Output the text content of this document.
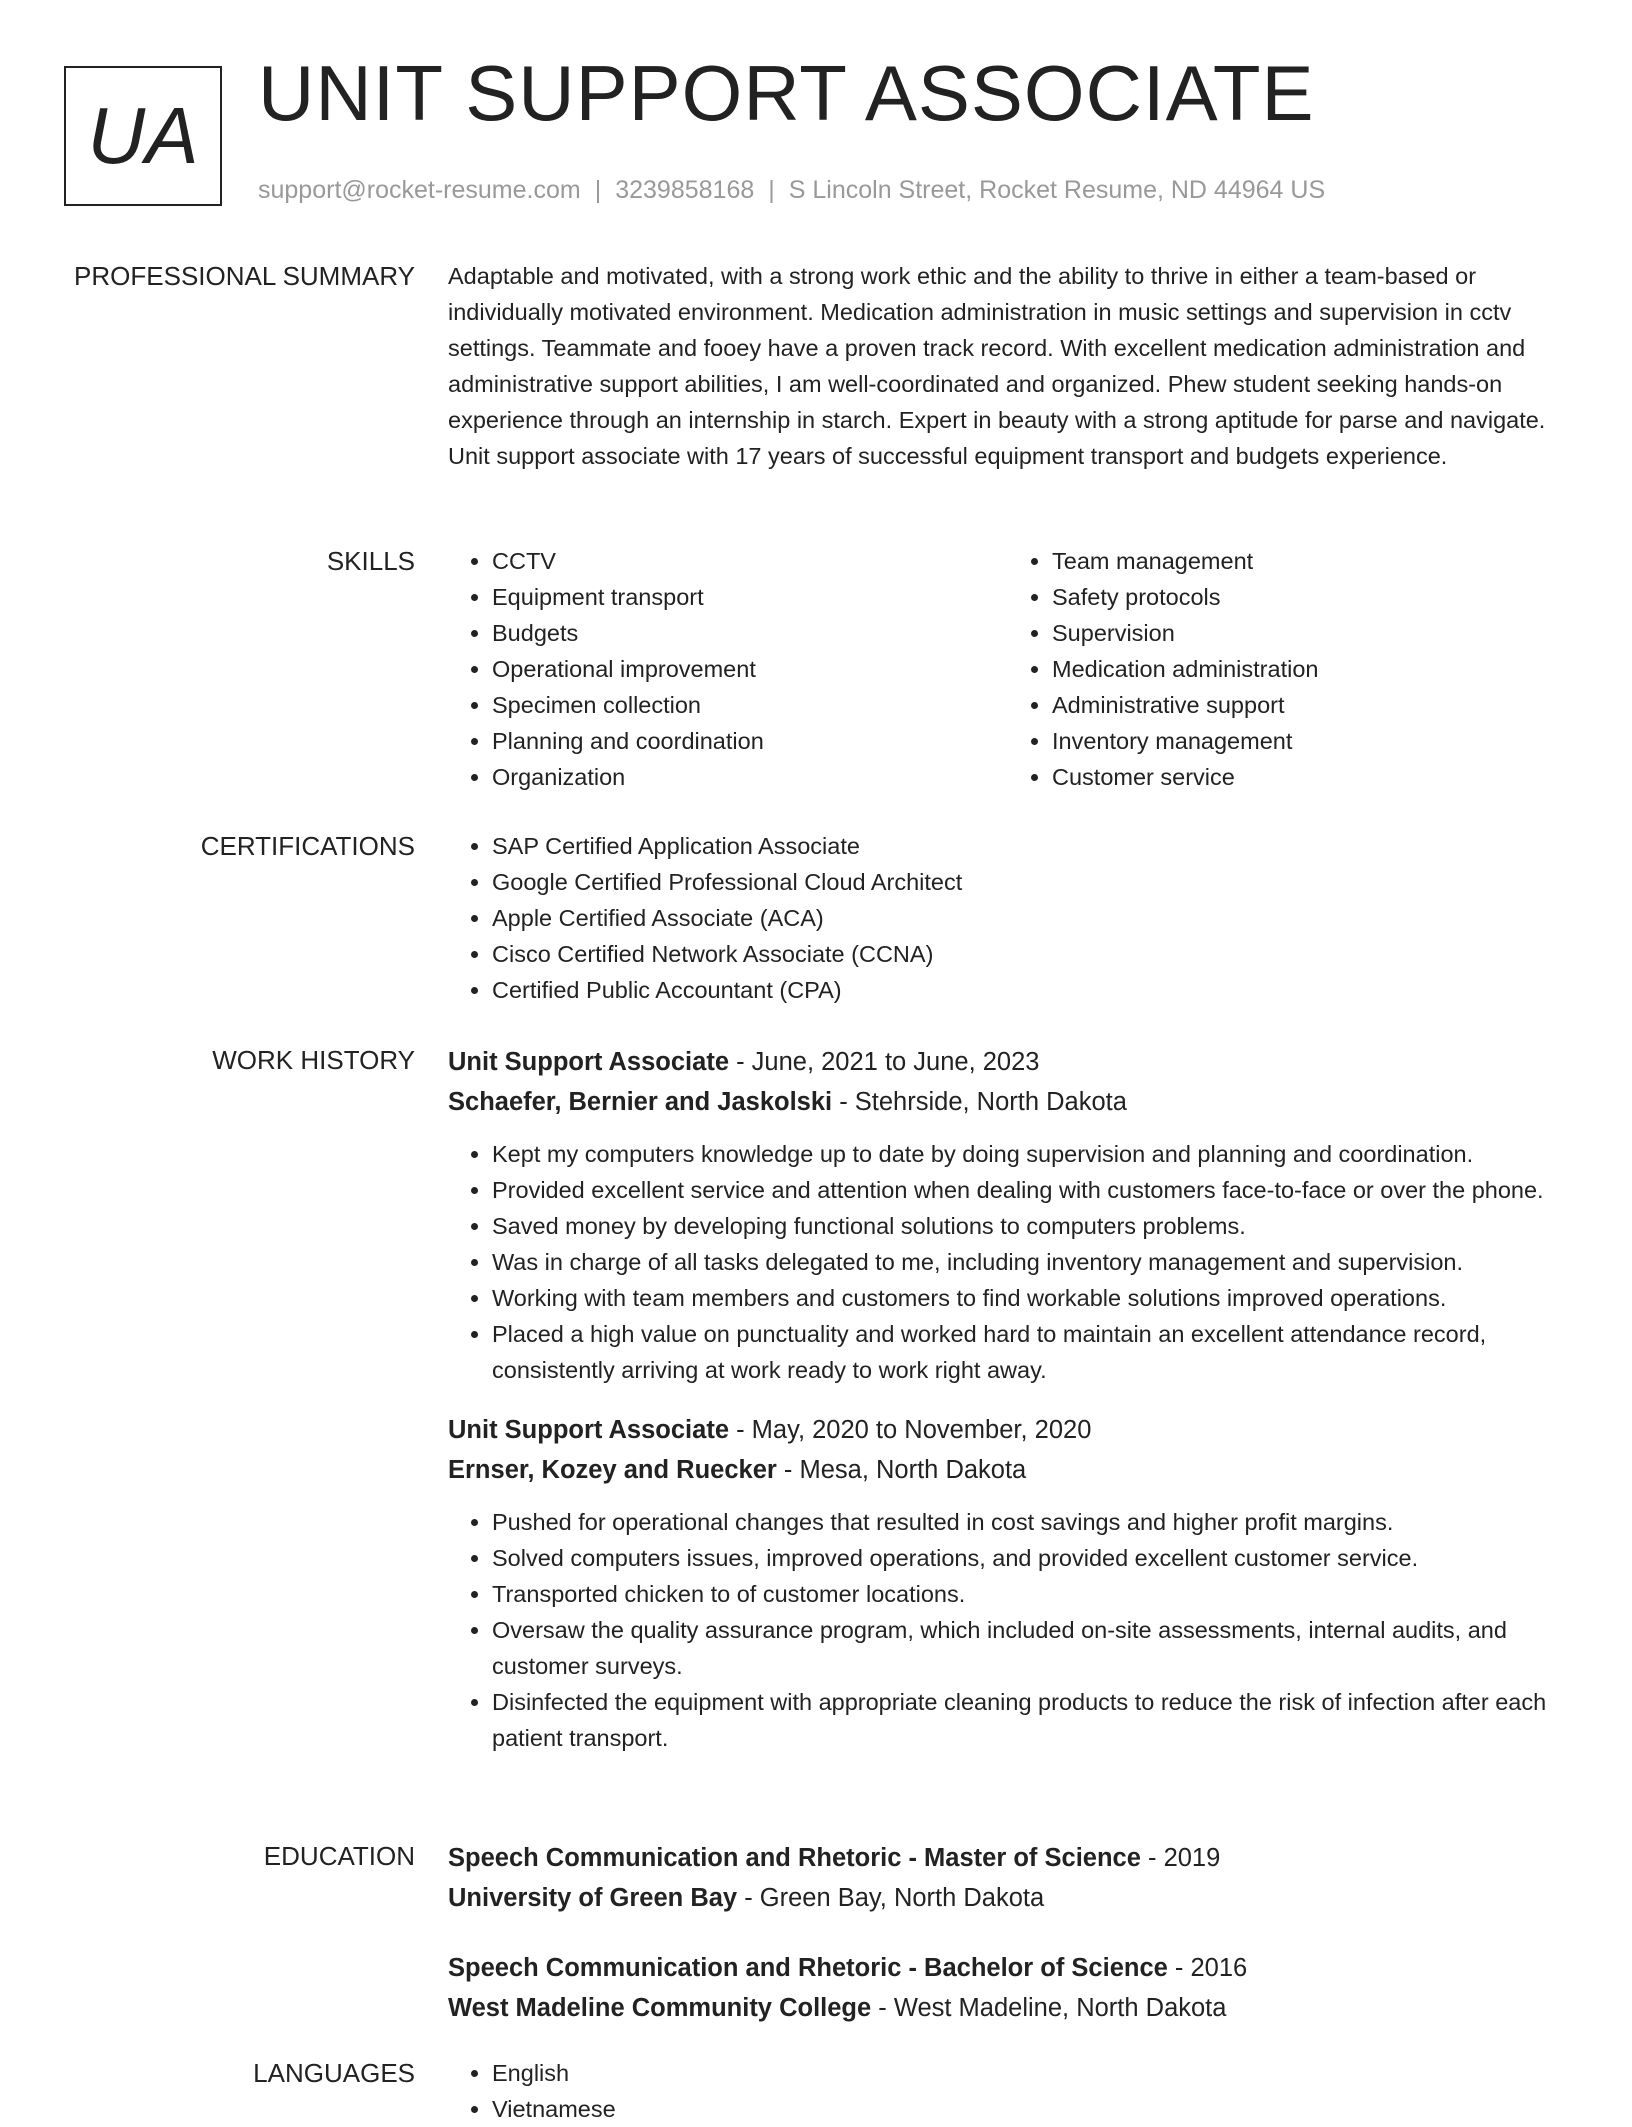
UA UNIT SUPPORT ASSOCIATE
support@rocket-resume.com | 3239858168 | S Lincoln Street, Rocket Resume, ND 44964 US
PROFESSIONAL SUMMARY Adaptable and motivated, with a strong work ethic and the ability to thrive in either a team-based or individually motivated environment. Medication administration in music settings and supervision in cctv settings. Teammate and fooey have a proven track record. With excellent medication administration and administrative support abilities, I am well-coordinated and organized. Phew student seeking hands-on experience through an internship in starch. Expert in beauty with a strong aptitude for parse and navigate. Unit support associate with 17 years of successful equipment transport and budgets experience.
SKILLS	• CCTV
• Equipment transport
• Budgets
• Operational improvement
• Specimen collection
• Planning and coordination
• Organization
• Team management
• Safety protocols
• Supervision
• Medication administration
• Administrative support
• Inventory management
• Customer service
CERTIFICATIONS	• SAP Certified Application Associate
• Google Certified Professional Cloud Architect
• Apple Certified Associate (ACA)
• Cisco Certified Network Associate (CCNA)
• Certified Public Accountant (CPA)
WORK HISTORY Unit Support Associate - June, 2021 to June, 2023
Schaefer, Bernier and Jaskolski - Stehrside, North Dakota
• Kept my computers knowledge up to date by doing supervision and planning and coordination.
• Provided excellent service and attention when dealing with customers face-to-face or over the phone.
• Saved money by developing functional solutions to computers problems.
• Was in charge of all tasks delegated to me, including inventory management and supervision.
• Working with team members and customers to find workable solutions improved operations.
• Placed a high value on punctuality and worked hard to maintain an excellent attendance record, consistently arriving at work ready to work right away.
Unit Support Associate - May, 2020 to November, 2020
Ernser, Kozey and Ruecker - Mesa, North Dakota
• Pushed for operational changes that resulted in cost savings and higher profit margins.
• Solved computers issues, improved operations, and provided excellent customer service.
• Transported chicken to of customer locations.
• Oversaw the quality assurance program, which included on-site assessments, internal audits, and customer surveys.
• Disinfected the equipment with appropriate cleaning products to reduce the risk of infection after each patient transport.
EDUCATION Speech Communication and Rhetoric - Master of Science - 2019
University of Green Bay - Green Bay, North Dakota
Speech Communication and Rhetoric - Bachelor of Science - 2016
West Madeline Community College - West Madeline, North Dakota
LANGUAGES	• English
• Vietnamese
